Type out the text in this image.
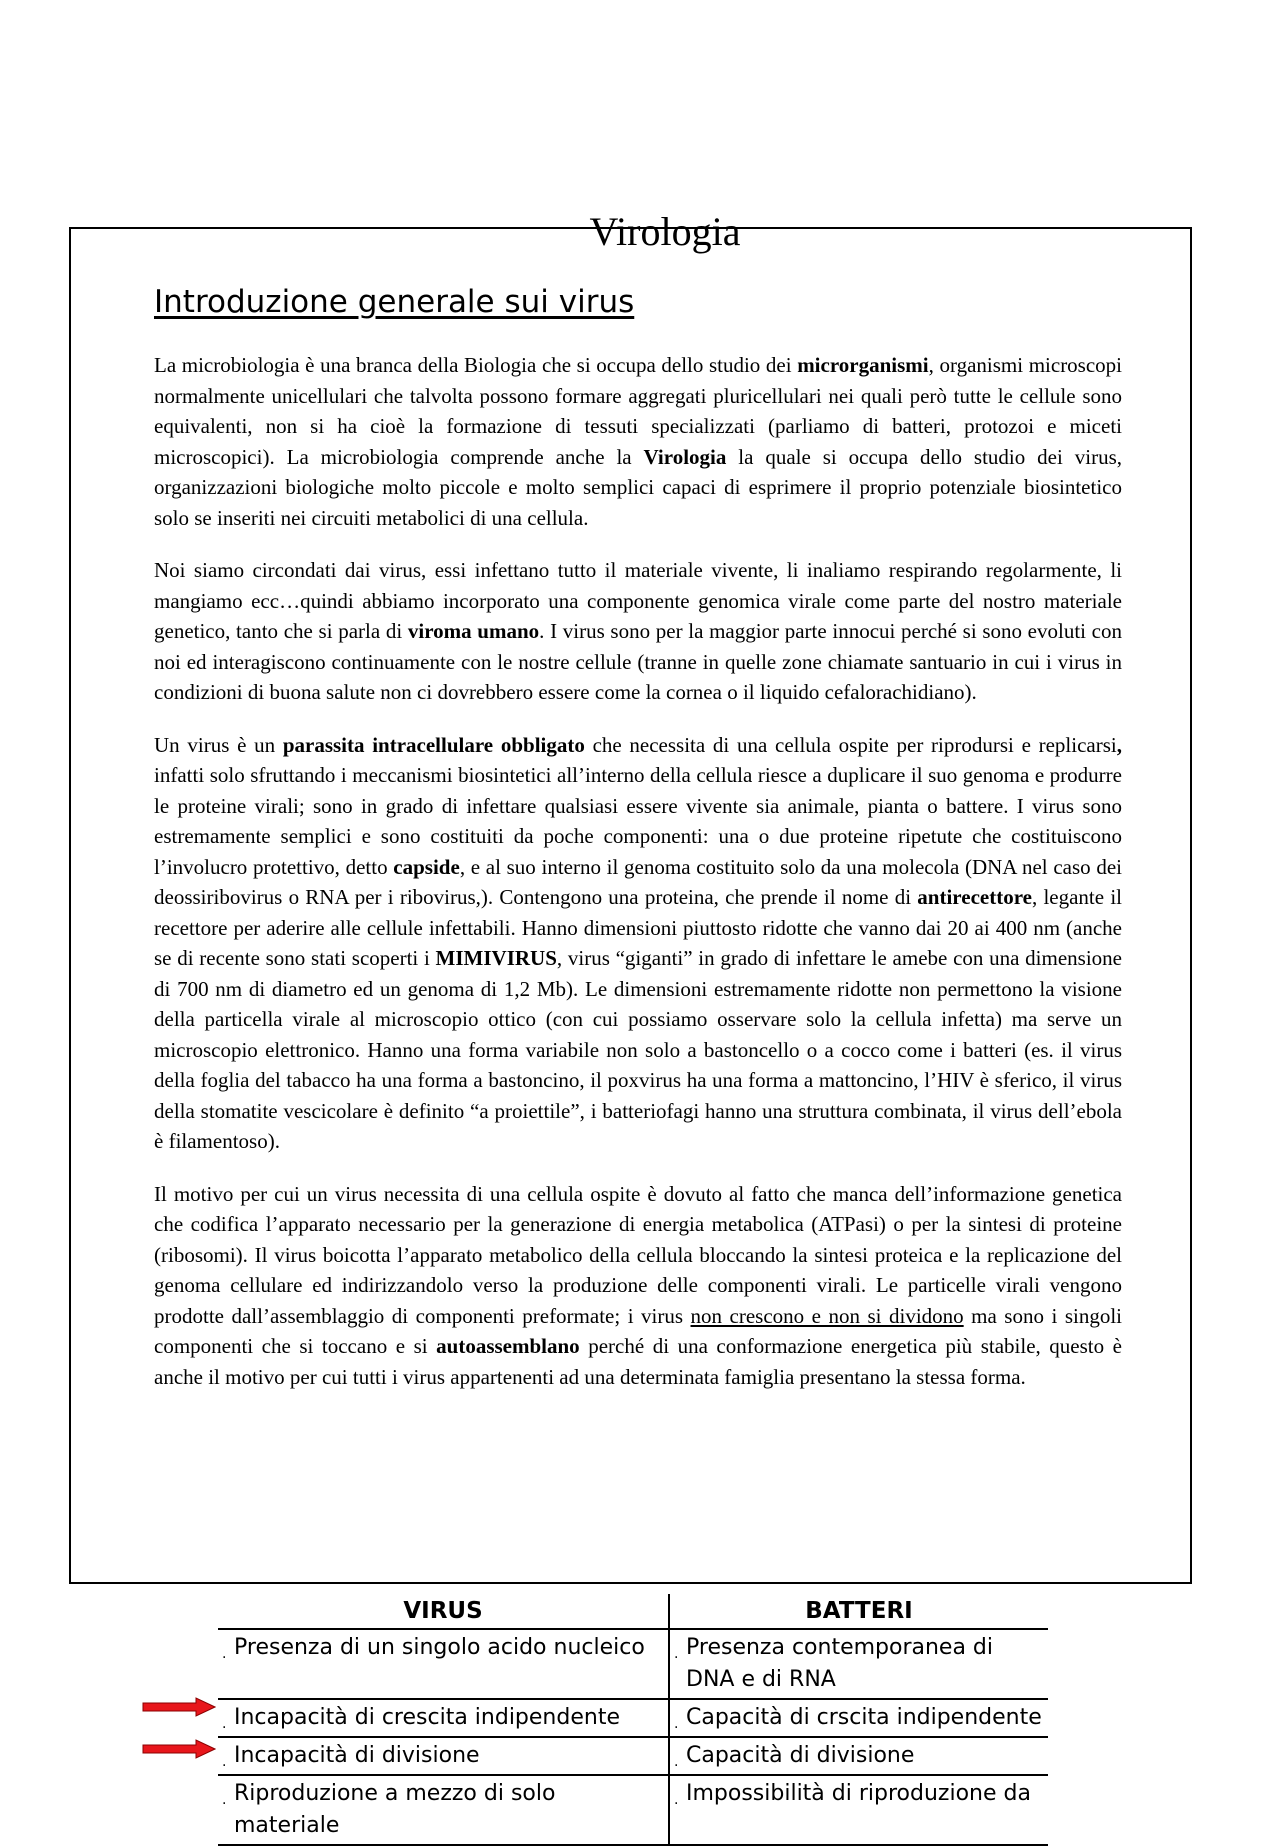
Virologia
Introduzione generale sui virus

La microbiologia è una branca della Biologia che si occupa dello studio dei microrganismi, organismi microscopi normalmente unicellulari che talvolta possono formare aggregati pluricellulari nei quali però tutte le cellule sono equivalenti, non si ha cioè la formazione di tessuti specializzati (parliamo di batteri, protozoi e miceti microscopici). La microbiologia comprende anche la Virologia la quale si occupa dello studio dei virus, organizzazioni biologiche molto piccole e molto semplici capaci di esprimere il proprio potenziale biosintetico solo se inseriti nei circuiti metabolici di una cellula.

Noi siamo circondati dai virus, essi infettano tutto il materiale vivente, li inaliamo respirando regolarmente, li mangiamo ecc…quindi abbiamo incorporato una componente genomica virale come parte del nostro materiale genetico, tanto che si parla di viroma umano. I virus sono per la maggior parte innocui perché si sono evoluti con noi ed interagiscono continuamente con le nostre cellule (tranne in quelle zone chiamate santuario in cui i virus in condizioni di buona salute non ci dovrebbero essere come la cornea o il liquido cefalorachidiano).

Un virus è un parassita intracellulare obbligato che necessita di una cellula ospite per riprodursi e replicarsi, infatti solo sfruttando i meccanismi biosintetici all’interno della cellula riesce a duplicare il suo genoma e produrre le proteine virali; sono in grado di infettare qualsiasi essere vivente sia animale, pianta o battere. I virus sono estremamente semplici e sono costituiti da poche componenti: una o due proteine ripetute che costituiscono l’involucro protettivo, detto capside, e al suo interno il genoma costituito solo da una molecola (DNA nel caso dei deossiribovirus o RNA per i ribovirus,). Contengono una proteina, che prende il nome di antirecettore, legante il recettore per aderire alle cellule infettabili. Hanno dimensioni piuttosto ridotte che vanno dai 20 ai 400 nm (anche se di recente sono stati scoperti i MIMIVIRUS, virus “giganti” in grado di infettare le amebe con una dimensione di 700 nm di diametro ed un genoma di 1,2 Mb). Le dimensioni estremamente ridotte non permettono la visione della particella virale al microscopio ottico (con cui possiamo osservare solo la cellula infetta) ma serve un microscopio elettronico. Hanno una forma variabile non solo a bastoncello o a cocco come i batteri (es. il virus della foglia del tabacco ha una forma a bastoncino, il poxvirus ha una forma a mattoncino, l’HIV è sferico, il virus della stomatite vescicolare è definito “a proiettile”, i batteriofagi hanno una struttura combinata, il virus dell’ebola è filamentoso).

Il motivo per cui un virus necessita di una cellula ospite è dovuto al fatto che manca dell’informazione genetica che codifica l’apparato necessario per la generazione di energia metabolica (ATPasi) o per la sintesi di proteine (ribosomi). Il virus boicotta l’apparato metabolico della cellula bloccando la sintesi proteica e la replicazione del genoma cellulare ed indirizzandolo verso la produzione delle componenti virali. Le particelle virali vengono prodotte dall’assemblaggio di componenti preformate; i virus non crescono e non si dividono ma sono i singoli componenti che si toccano e si autoassemblano perché di una conformazione energetica più stabile, questo è anche il motivo per cui tutti i virus appartenenti ad una determinata famiglia presentano la stessa forma.

VIRUS	BATTERI
. Presenza di un singolo acido nucleico	. Presenza contemporanea di DNA e di RNA
. Incapacità di crescita indipendente	. Capacità di crscita indipendente
. Incapacità di divisione	. Capacità di divisione
. Riproduzione a mezzo di solo materiale	. Impossibilità di riproduzione da
